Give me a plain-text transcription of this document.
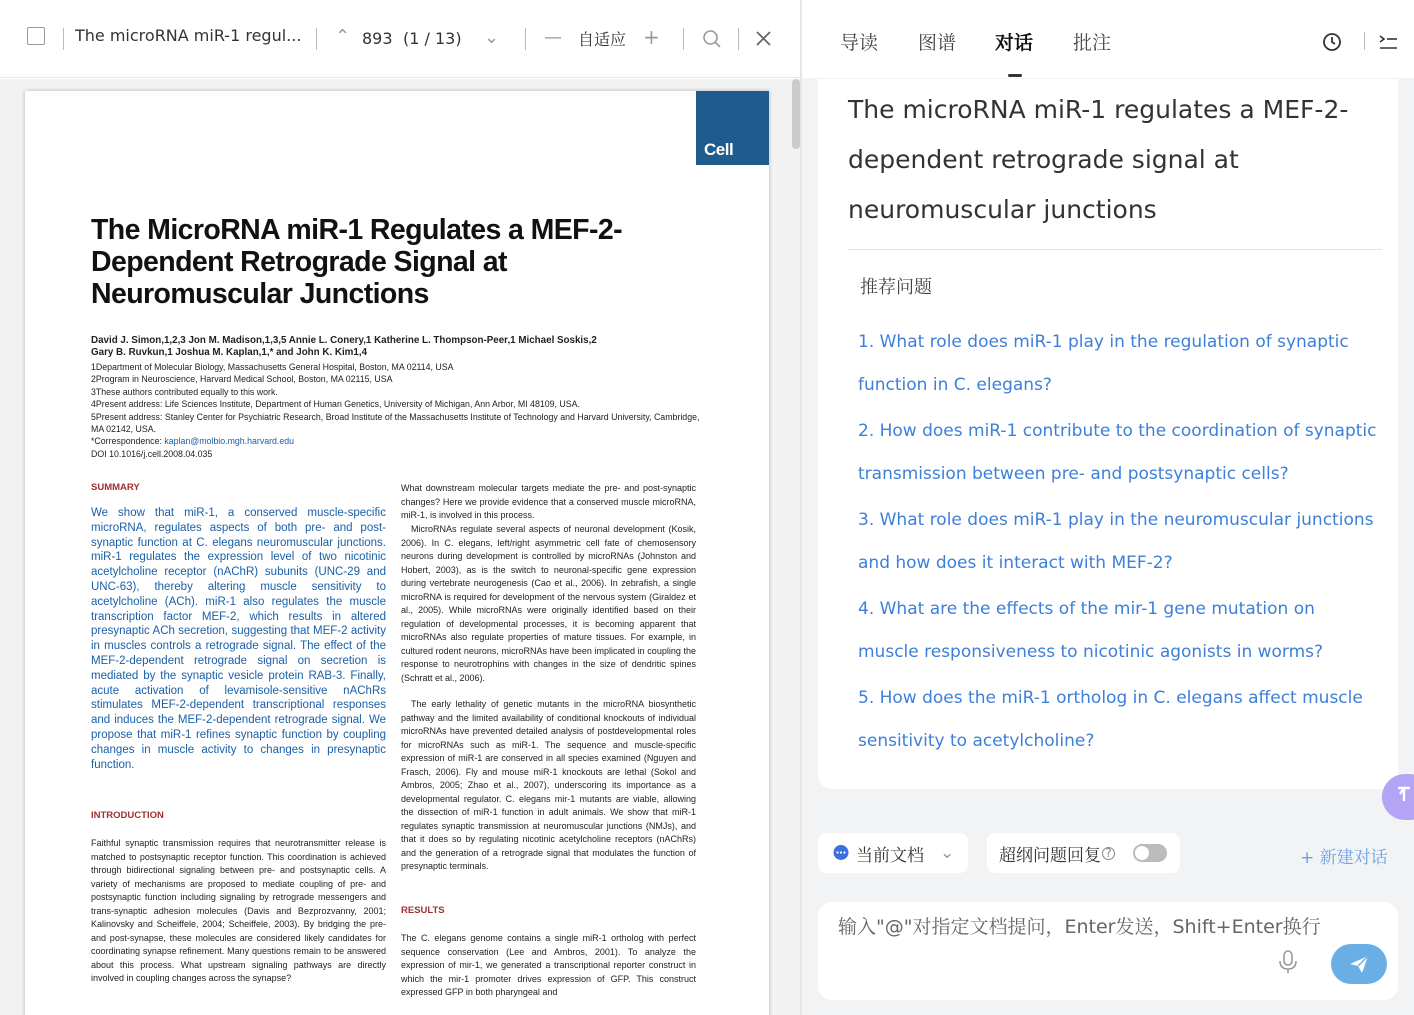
The microRNA miR-1 regul...	⌃ 893 (1 / 13) ⌄ — 自适应 +
Cell
The MicroRNA miR-1 Regulates a MEF-2-Dependent Retrograde Signal at Neuromuscular Junctions
David J. Simon,1,2,3 Jon M. Madison,1,3,5 Annie L. Conery,1 Katherine L. Thompson-Peer,1 Michael Soskis,2
Gary B. Ruvkun,1 Joshua M. Kaplan,1,* and John K. Kim1,4
1Department of Molecular Biology, Massachusetts General Hospital, Boston, MA 02114, USA
2Program in Neuroscience, Harvard Medical School, Boston, MA 02115, USA
3These authors contributed equally to this work.
4Present address: Life Sciences Institute, Department of Human Genetics, University of Michigan, Ann Arbor, MI 48109, USA.
5Present address: Stanley Center for Psychiatric Research, Broad Institute of the Massachusetts Institute of Technology and Harvard University, Cambridge, MA 02142, USA.
*Correspondence: kaplan@molbio.mgh.harvard.edu
DOI 10.1016/j.cell.2008.04.035
SUMMARY
We show that miR-1, a conserved muscle-specific microRNA, regulates aspects of both pre- and post-synaptic function at C. elegans neuromuscular junctions. miR-1 regulates the expression level of two nicotinic acetylcholine receptor (nAChR) subunits (UNC-29 and UNC-63), thereby altering muscle sensitivity to acetylcholine (ACh). miR-1 also regulates the muscle transcription factor MEF-2, which results in altered presynaptic ACh secretion, suggesting that MEF-2 activity in muscles controls a retrograde signal. The effect of the MEF-2-dependent retrograde signal on secretion is mediated by the synaptic vesicle protein RAB-3. Finally, acute activation of levamisole-sensitive nAChRs stimulates MEF-2-dependent transcriptional responses and induces the MEF-2-dependent retrograde signal. We propose that miR-1 refines synaptic function by coupling changes in muscle activity to changes in presynaptic function.
INTRODUCTION
Faithful synaptic transmission requires that neurotransmitter release is matched to postsynaptic receptor function. This coordination is achieved through bidirectional signaling between pre- and postsynaptic cells. A variety of mechanisms are proposed to mediate coupling of pre- and postsynaptic function including signaling by retrograde messengers and trans-synaptic adhesion molecules (Davis and Bezprozvanny, 2001; Kalinovsky and Scheiffele, 2004; Scheiffele, 2003). By bridging the pre- and post-synapse, these molecules are considered likely candidates for coordinating synapse refinement. Many questions remain to be answered about this process. What upstream signaling pathways are directly involved in coupling changes across the synapse?
What downstream molecular targets mediate the pre- and post-synaptic changes? Here we provide evidence that a conserved muscle microRNA, miR-1, is involved in this process.
MicroRNAs regulate several aspects of neuronal development (Kosik, 2006). In C. elegans, left/right asymmetric cell fate of chemosensory neurons during development is controlled by microRNAs (Johnston and Hobert, 2003), as is the switch to neuronal-specific gene expression during vertebrate neurogenesis (Cao et al., 2006). In zebrafish, a single microRNA is required for development of the nervous system (Giraldez et al., 2005). While microRNAs were originally identified based on their regulation of developmental processes, it is becoming apparent that microRNAs also regulate properties of mature tissues. For example, in cultured rodent neurons, microRNAs have been implicated in coupling the response to neurotrophins with changes in the size of dendritic spines (Schratt et al., 2006).
The early lethality of genetic mutants in the microRNA biosynthetic pathway and the limited availability of conditional knockouts of individual microRNAs have prevented detailed analysis of postdevelopmental roles for microRNAs such as miR-1. The sequence and muscle-specific expression of miR-1 are conserved in all species examined (Nguyen and Frasch, 2006). Fly and mouse miR-1 knockouts are lethal (Sokol and Ambros, 2005; Zhao et al., 2007), underscoring its importance as a developmental regulator. C. elegans mir-1 mutants are viable, allowing the dissection of miR-1 function in adult animals. We show that miR-1 regulates synaptic transmission at neuromuscular junctions (NMJs), and that it does so by regulating nicotinic acetylcholine receptors (nAChRs) and the generation of a retrograde signal that modulates the function of presynaptic terminals.
RESULTS
The C. elegans genome contains a single miR-1 ortholog with perfect sequence conservation (Lee and Ambros, 2001). To analyze the expression of mir-1, we generated a transcriptional reporter construct in which the mir-1 promoter drives expression of GFP. This construct expressed GFP in both pharyngeal and
导读 图谱 对话 批注
The microRNA miR-1 regulates a MEF-2-dependent retrograde signal at neuromuscular junctions
推荐问题
1. What role does miR-1 play in the regulation of synaptic function in C. elegans?
2. How does miR-1 contribute to the coordination of synaptic transmission between pre- and postsynaptic cells?
3. What role does miR-1 play in the neuromuscular junctions and how does it interact with MEF-2?
4. What are the effects of the mir-1 gene mutation on muscle responsiveness to nicotinic agonists in worms?
5. How does the miR-1 ortholog in C. elegans affect muscle sensitivity to acetylcholine?
当前文档 ⌄	超纲问题回复 ?	+ 新建对话
输入"@"对指定文档提问，Enter发送，Shift+Enter换行
